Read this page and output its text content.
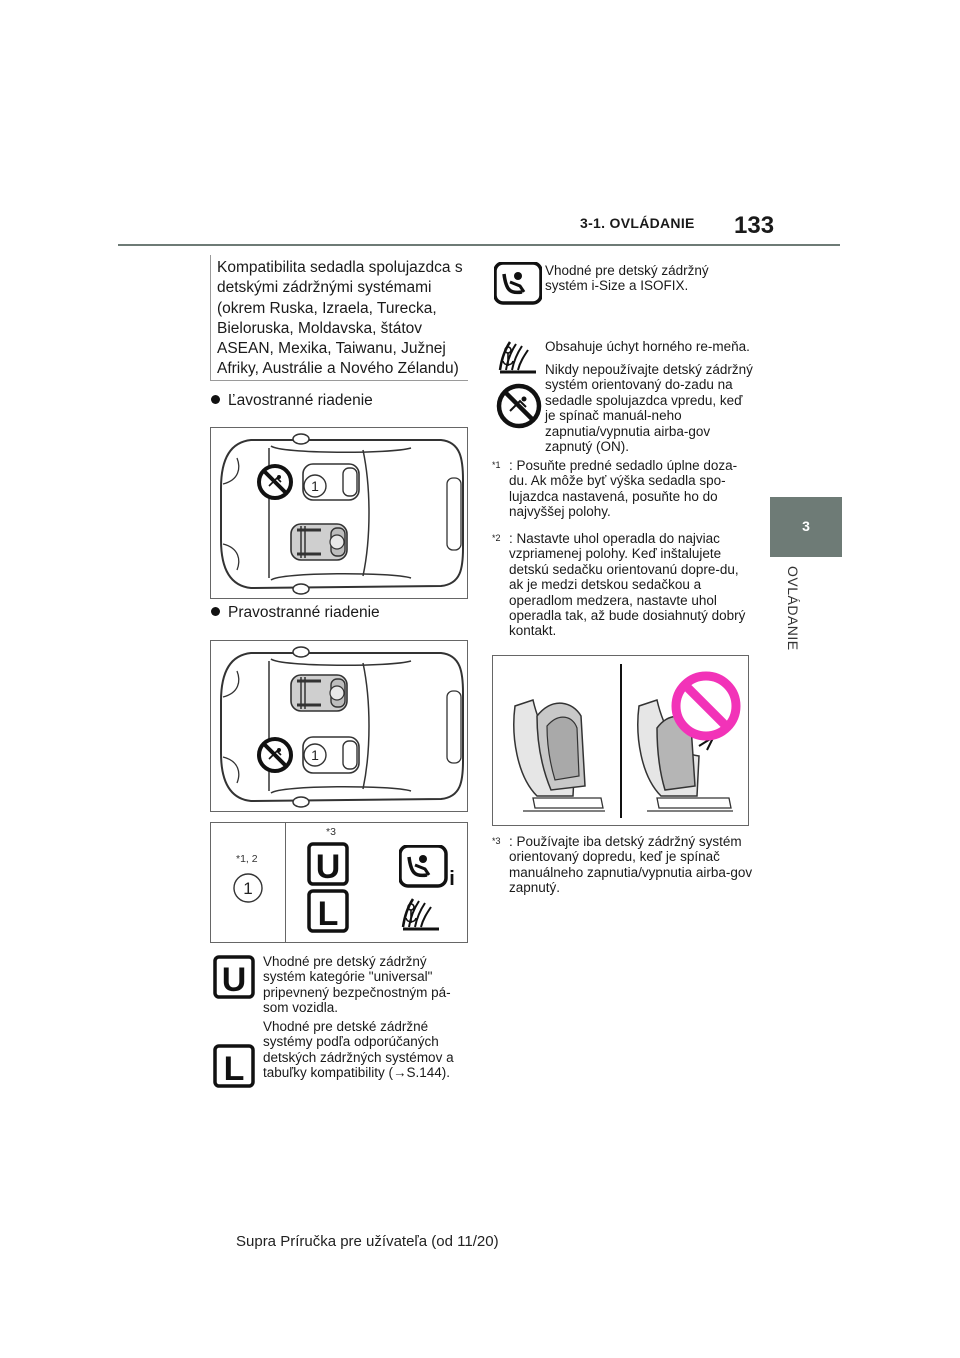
3-1. OVLÁDANIE 133
3
OVLÁDANIE
Kompatibilita sedadla spolujazdca s detskými zádržnými systémami (okrem Ruska, Izraela, Turecka, Bieloruska, Moldavska, štátov ASEAN, Mexika, Taiwanu, Južnej Afriky, Austrálie a Nového Zélandu)
Ľavostranné riadenie
1
Pravostranné riadenie
1
*1, 2
*3
1
U
L
i
U Vhodné pre detský zádržný systém kategórie "universal" pripevnený bezpečnostným pá-som vozidla.
L
Vhodné pre detské zádržné systémy podľa odporúčaných detských zádržných systémov a tabuľky kompatibility (→S.144).
Vhodné pre detský zádržný systém i-Size a ISOFIX.
Obsahuje úchyt horného re-meňa.
Nikdy nepoužívajte detský zádržný systém orientovaný do-zadu na sedadle spolujazdca vpredu, keď je spínač manuál-neho zapnutia/vypnutia airba-gov zapnutý (ON).
$^{*1}$ : Posuňte predné sedadlo úplne doza-du. Ak môže byť výška sedadla spo-lujazdca nastavená, posuňte ho do najvyššej polohy.
$^{*2}$ : Nastavte uhol operadla do najviac vzpriamenej polohy. Keď inštalujete detskú sedačku orientovanú dopre-du, ak je medzi detskou sedačkou a operadlom medzera, nastavte uhol operadla tak, až bude dosiahnutý dobrý kontakt.
$^{*3}$ : Používajte iba detský zádržný systém orientovaný dopredu, keď je spínač manuálneho zapnutia/vypnutia airba-gov zapnutý.
Supra Príručka pre užívateľa (od 11/20)
